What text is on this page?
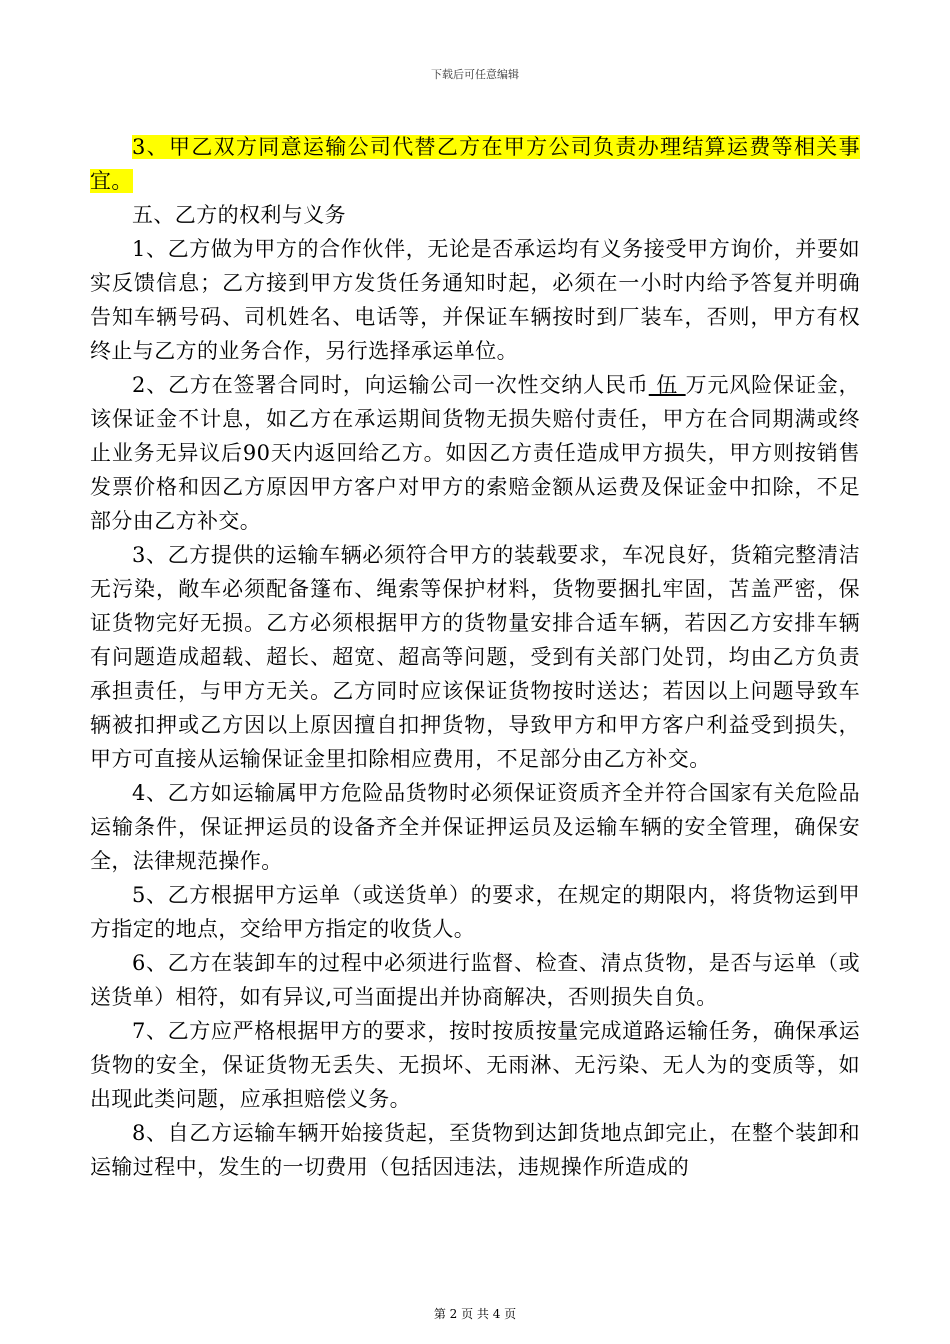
下载后可任意编辑

3、甲乙双方同意运输公司代替乙方在甲方公司负责办理结算运费等相关事宜。

五、乙方的权利与义务

1、乙方做为甲方的合作伙伴，无论是否承运均有义务接受甲方询价，并要如实反馈信息；乙方接到甲方发货任务通知时起，必须在一小时内给予答复并明确告知车辆号码、司机姓名、电话等，并保证车辆按时到厂装车，否则，甲方有权终止与乙方的业务合作，另行选择承运单位。

2、乙方在签署合同时，向运输公司一次性交纳人民币 伍 万元风险保证金，该保证金不计息，如乙方在承运期间货物无损失赔付责任，甲方在合同期满或终止业务无异议后90天内返回给乙方。如因乙方责任造成甲方损失，甲方则按销售发票价格和因乙方原因甲方客户对甲方的索赔金额从运费及保证金中扣除，不足部分由乙方补交。

3、乙方提供的运输车辆必须符合甲方的装载要求，车况良好，货箱完整清洁无污染，敞车必须配备篷布、绳索等保护材料，货物要捆扎牢固，苫盖严密，保证货物完好无损。乙方必须根据甲方的货物量安排合适车辆，若因乙方安排车辆有问题造成超载、超长、超宽、超高等问题，受到有关部门处罚，均由乙方负责承担责任，与甲方无关。乙方同时应该保证货物按时送达；若因以上问题导致车辆被扣押或乙方因以上原因擅自扣押货物，导致甲方和甲方客户利益受到损失，甲方可直接从运输保证金里扣除相应费用，不足部分由乙方补交。

4、乙方如运输属甲方危险品货物时必须保证资质齐全并符合国家有关危险品运输条件，保证押运员的设备齐全并保证押运员及运输车辆的安全管理，确保安全，法律规范操作。

5、乙方根据甲方运单（或送货单）的要求，在规定的期限内，将货物运到甲方指定的地点，交给甲方指定的收货人。

6、乙方在装卸车的过程中必须进行监督、检查、清点货物，是否与运单（或送货单）相符，如有异议,可当面提出并协商解决，否则损失自负。

7、乙方应严格根据甲方的要求，按时按质按量完成道路运输任务，确保承运货物的安全，保证货物无丢失、无损坏、无雨淋、无污染、无人为的变质等，如出现此类问题，应承担赔偿义务。

8、自乙方运输车辆开始接货起，至货物到达卸货地点卸完止，在整个装卸和运输过程中，发生的一切费用（包括因违法，违规操作所造成的

第 2 页 共 4 页
